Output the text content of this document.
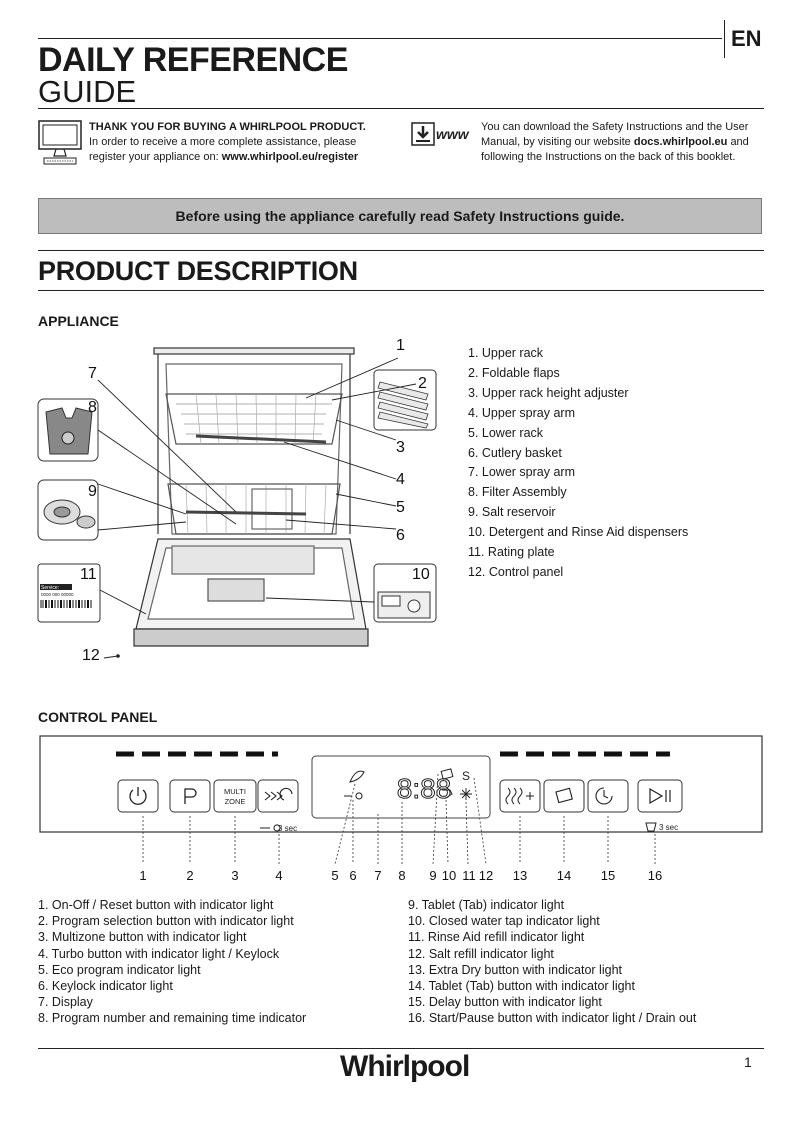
EN
DAILY REFERENCE
GUIDE
THANK YOU FOR BUYING A WHIRLPOOL PRODUCT.
In order to receive a more complete assistance, please
register your appliance on: www.whirlpool.eu/register
www You can download the Safety Instructions and the User
Manual, by visiting our website docs.whirlpool.eu and
following the Instructions on the back of this booklet.
Before using the appliance carefully read Safety Instructions guide.
PRODUCT DESCRIPTION
APPLIANCE
Service:
0000 000 00000
1
2
3
4
5
6
7
8
9
10
11
12
1. Upper rack
2. Foldable flaps
3. Upper rack height adjuster
4. Upper spray arm
5. Lower rack
6. Cutlery basket
7. Lower spray arm
8. Filter Assembly
9. Salt reservoir
10. Detergent and Rinse Aid dispensers
11. Rating plate
12. Control panel
CONTROL PANEL
MULTI
ZONE	8:88 S
3 sec	3 sec
1	2	3	4	5 6 7 8 9 10 11 12 13 14 15	16
1. On-Off / Reset button with indicator light
2. Program selection button with indicator light
3. Multizone button with indicator light
4. Turbo button with indicator light / Keylock
5. Eco program indicator light
6. Keylock indicator light
7. Display
8. Program number and remaining time indicator
9. Tablet (Tab) indicator light
10. Closed water tap indicator light
11. Rinse Aid refill indicator light
12. Salt refill indicator light
13. Extra Dry button with indicator light
14. Tablet (Tab) button with indicator light
15. Delay button with indicator light
16. Start/Pause button with indicator light / Drain out
Whirlpool	1
